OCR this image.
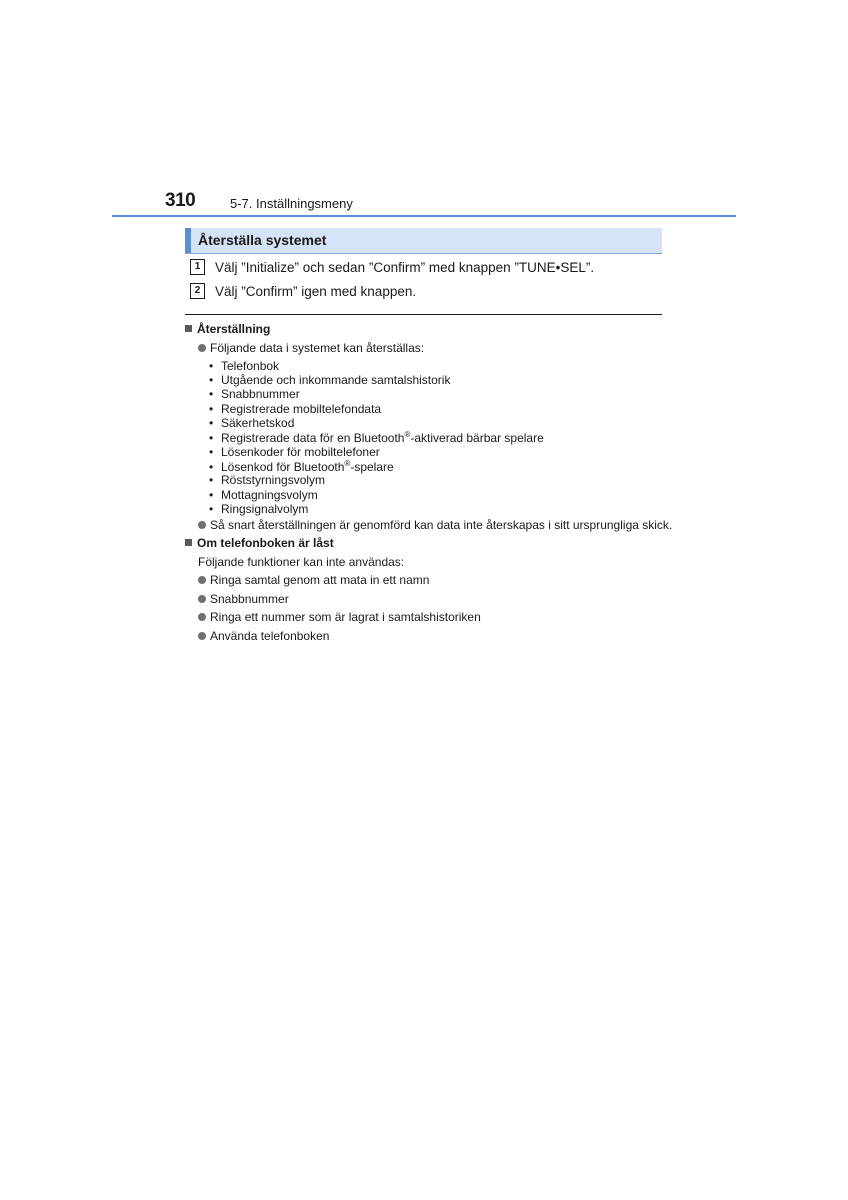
310	5-7. Inställningsmeny
Återställa systemet
1	Välj ”Initialize” och sedan ”Confirm” med knappen ”TUNE•SEL”.
2	Välj ”Confirm” igen med knappen.
Återställning
Följande data i systemet kan återställas:
• Telefonbok
• Utgående och inkommande samtalshistorik
• Snabbnummer
• Registrerade mobiltelefondata
• Säkerhetskod
• Registrerade data för en Bluetooth®-aktiverad bärbar spelare
• Lösenkoder för mobiltelefoner
• Lösenkod för Bluetooth®-spelare
• Röststyrningsvolym
• Mottagningsvolym
• Ringsignalvolym
Så snart återställningen är genomförd kan data inte återskapas i sitt ursprungliga skick.
Om telefonboken är låst
Följande funktioner kan inte användas:
Ringa samtal genom att mata in ett namn
Snabbnummer
Ringa ett nummer som är lagrat i samtalshistoriken
Använda telefonboken
